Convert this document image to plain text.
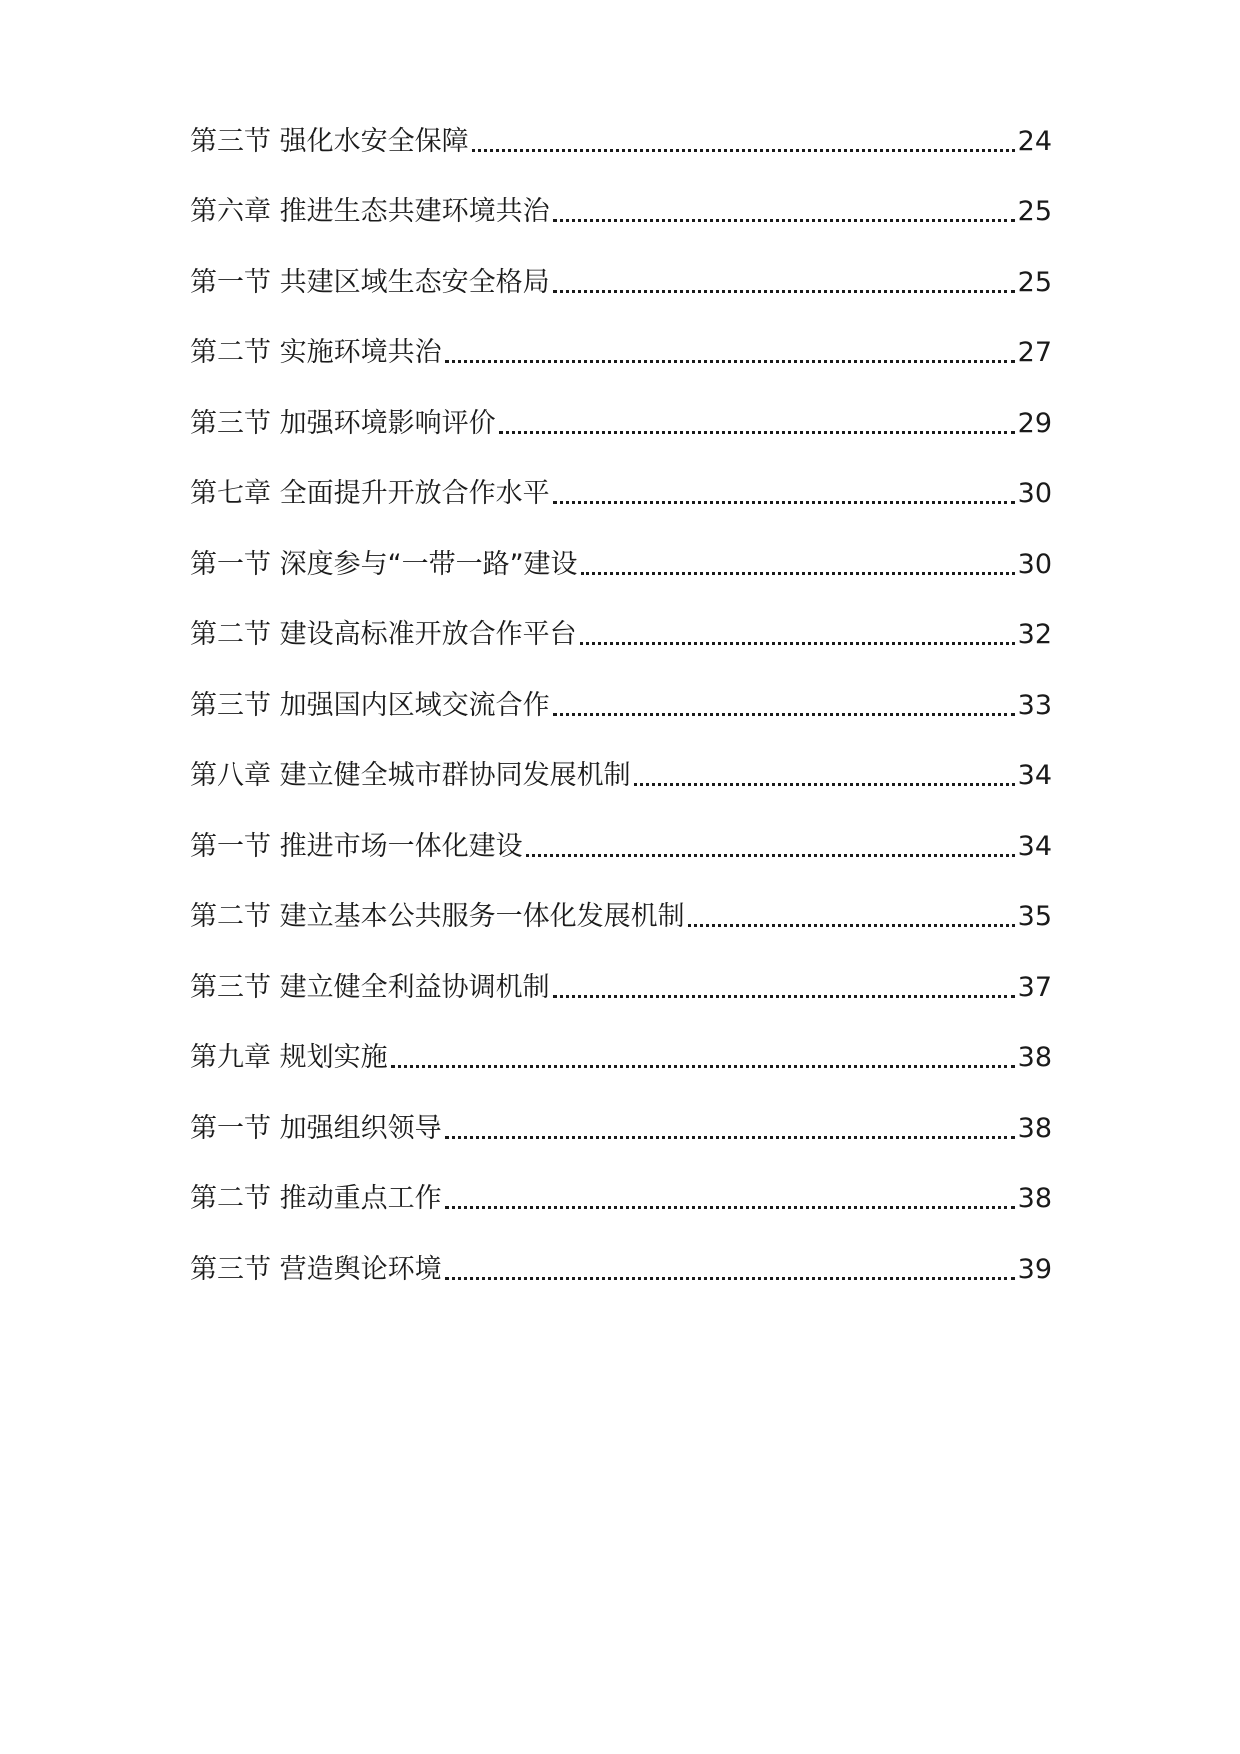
第三节 强化水安全保障	24
第六章 推进生态共建环境共治	25
第一节 共建区域生态安全格局	25
第二节 实施环境共治	27
第三节 加强环境影响评价	29
第七章 全面提升开放合作水平	30
第一节 深度参与“一带一路”建设	30
第二节 建设高标准开放合作平台	32
第三节 加强国内区域交流合作	33
第八章 建立健全城市群协同发展机制	34
第一节 推进市场一体化建设	34
第二节 建立基本公共服务一体化发展机制	35
第三节 建立健全利益协调机制	37
第九章 规划实施	38
第一节 加强组织领导	38
第二节 推动重点工作	38
第三节 营造舆论环境	39
